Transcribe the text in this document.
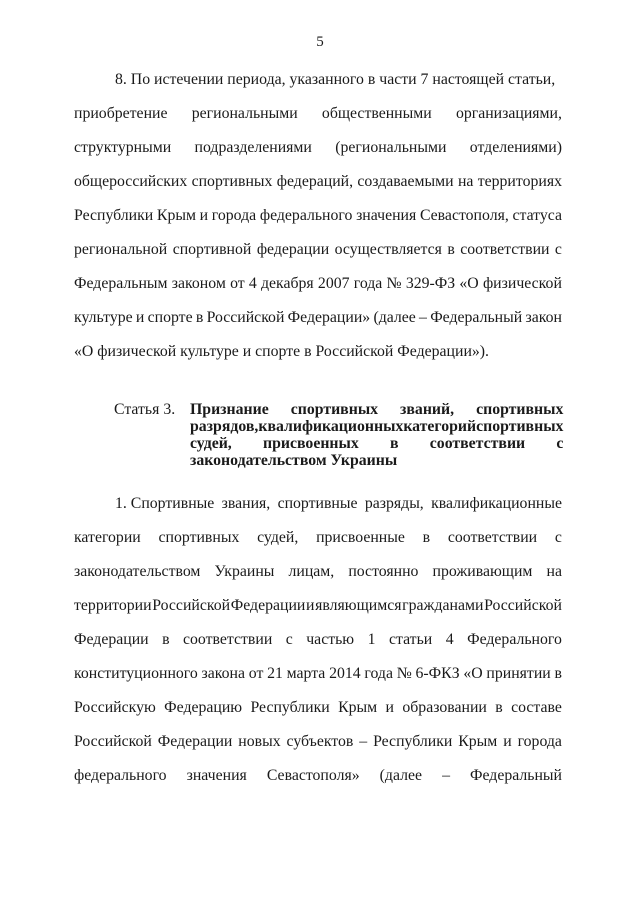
5
8. По истечении периода, указанного в части 7 настоящей статьи,
приобретение региональными общественными организациями,
структурными подразделениями (региональными отделениями)
общероссийских спортивных федераций, создаваемыми на территориях
Республики Крым и города федерального значения Севастополя, статуса
региональной спортивной федерации осуществляется в соответствии с
Федеральным законом от 4 декабря 2007 года № 329-ФЗ «О физической
культуре и спорте в Российской Федерации» (далее – Федеральный закон
«О физической культуре и спорте в Российской Федерации»).
Статья 3. Признание спортивных званий, спортивных
разрядов, квалификационных категорий спортивных
судей, присвоенных в соответствии с
законодательством Украины
1. Спортивные звания, спортивные разряды, квалификационные
категории спортивных судей, присвоенные в соответствии с
законодательством Украины лицам, постоянно проживающим на
территории Российской Федерации и являющимся гражданами Российской
Федерации в соответствии с частью 1 статьи 4 Федерального
конституционного закона от 21 марта 2014 года № 6-ФКЗ «О принятии в
Российскую Федерацию Республики Крым и образовании в составе
Российской Федерации новых субъектов – Республики Крым и города
федерального значения Севастополя» (далее – Федеральный
